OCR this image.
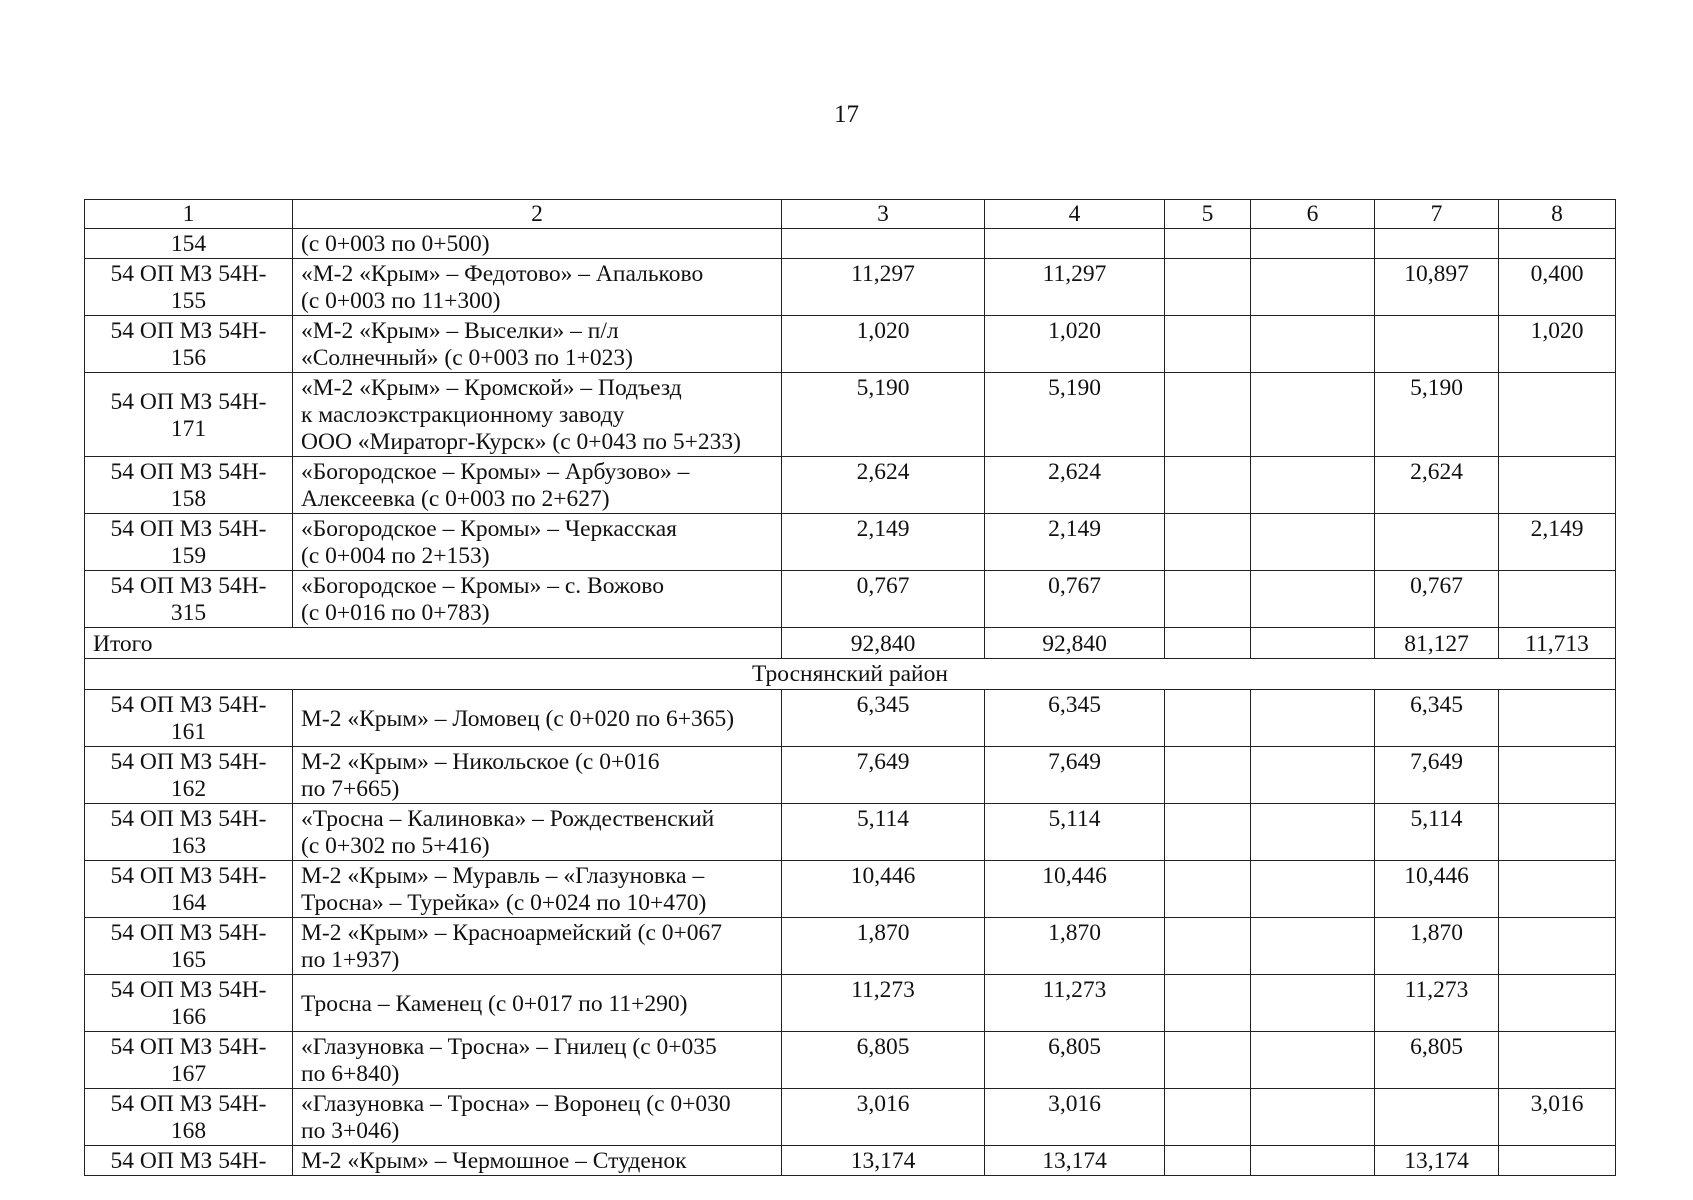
17
1	2	3	4	5	6	7	8

154	(с 0+003 по 0+500)						

54 ОП МЗ 54Н-
155	«М-2 «Крым» – Федотово» – Апальково
(с 0+003 по 11+300)	11,297	11,297			10,897	0,400

54 ОП МЗ 54Н-
156	«М-2 «Крым» – Выселки» – п/л
«Солнечный» (с 0+003 по 1+023)	1,020	1,020				1,020

54 ОП МЗ 54Н-
171	«М-2 «Крым» – Кромской» – Подъезд
к маслоэкстракционному заводу
ООО «Мираторг-Курск» (с 0+043 по 5+233)	5,190	5,190			5,190	

54 ОП МЗ 54Н-
158	«Богородское – Кромы» – Арбузово» –
Алексеевка (с 0+003 по 2+627)	2,624	2,624			2,624	

54 ОП МЗ 54Н-
159	«Богородское – Кромы» – Черкасская
(с 0+004 по 2+153)	2,149	2,149				2,149

54 ОП МЗ 54Н-
315	«Богородское – Кромы» – с. Вожово
(с 0+016 по 0+783)	0,767	0,767			0,767	
Итого		92,840	92,840			81,127	11,713
Троснянский район							

54 ОП МЗ 54Н-
161	М-2 «Крым» – Ломовец (с 0+020 по 6+365)	6,345	6,345			6,345	

54 ОП МЗ 54Н-
162	М-2 «Крым» – Никольское (с 0+016
по 7+665)	7,649	7,649			7,649	

54 ОП МЗ 54Н-
163	«Тросна – Калиновка» – Рождественский
(с 0+302 по 5+416)	5,114	5,114			5,114	

54 ОП МЗ 54Н-
164	М-2 «Крым» – Муравль – «Глазуновка –
Тросна» – Турейка» (с 0+024 по 10+470)	10,446	10,446			10,446	

54 ОП МЗ 54Н-
165	М-2 «Крым» – Красноармейский (с 0+067
по 1+937)	1,870	1,870			1,870	

54 ОП МЗ 54Н-
166	Тросна – Каменец (с 0+017 по 11+290)	11,273	11,273			11,273	

54 ОП МЗ 54Н-
167	«Глазуновка – Тросна» – Гнилец (с 0+035
по 6+840)	6,805	6,805			6,805	

54 ОП МЗ 54Н-
168	«Глазуновка – Тросна» – Воронец (с 0+030
по 3+046)	3,016	3,016				3,016

54 ОП МЗ 54Н-	М-2 «Крым» – Чермошное – Студенок	13,174	13,174			13,174	
